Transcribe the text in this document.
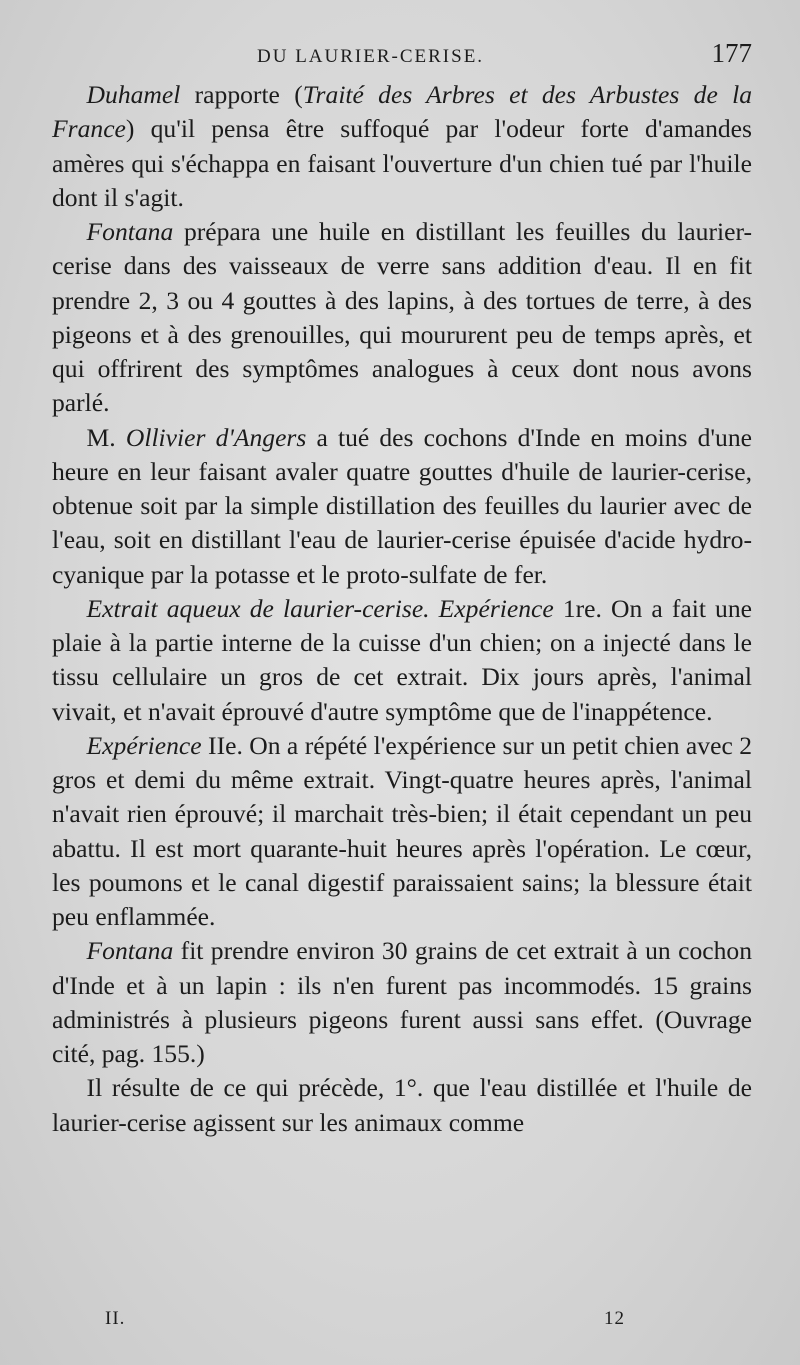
DU LAURIER-CERISE.	177

Duhamel rapporte (Traité des Arbres et des Arbustes de la France) qu'il pensa être suffoqué par l'odeur forte d'amandes amères qui s'échappa en faisant l'ouverture d'un chien tué par l'huile dont il s'agit.

Fontana prépara une huile en distillant les feuilles du laurier-cerise dans des vaisseaux de verre sans addition d'eau. Il en fit prendre 2, 3 ou 4 gouttes à des lapins, à des tortues de terre, à des pigeons et à des grenouilles, qui moururent peu de temps après, et qui offrirent des symptômes analogues à ceux dont nous avons parlé.

M. Ollivier d'Angers a tué des cochons d'Inde en moins d'une heure en leur faisant avaler quatre gouttes d'huile de laurier-cerise, obtenue soit par la simple distillation des feuilles du laurier avec de l'eau, soit en distillant l'eau de laurier-cerise épuisée d'acide hydro-cyanique par la potasse et le proto-sulfate de fer.

Extrait aqueux de laurier-cerise. Expérience 1re. On a fait une plaie à la partie interne de la cuisse d'un chien; on a injecté dans le tissu cellulaire un gros de cet extrait. Dix jours après, l'animal vivait, et n'avait éprouvé d'autre symptôme que de l'inappétence.

Expérience IIe. On a répété l'expérience sur un petit chien avec 2 gros et demi du même extrait. Vingt-quatre heures après, l'animal n'avait rien éprouvé; il marchait très-bien; il était cependant un peu abattu. Il est mort quarante-huit heures après l'opération. Le cœur, les poumons et le canal digestif paraissaient sains; la blessure était peu enflammée.

Fontana fit prendre environ 30 grains de cet extrait à un cochon d'Inde et à un lapin : ils n'en furent pas incommodés. 15 grains administrés à plusieurs pigeons furent aussi sans effet. (Ouvrage cité, pag. 155.)

Il résulte de ce qui précède, 1°. que l'eau distillée et l'huile de laurier-cerise agissent sur les animaux comme

II.	12
